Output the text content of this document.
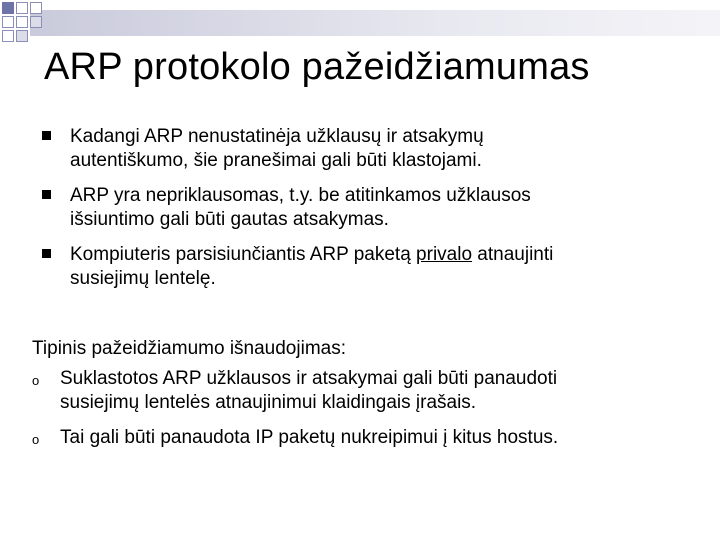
ARP protokolo pažeidžiamumas
Kadangi ARP nenustatinėja užklausų ir atsakymų
autentiškumo, šie pranešimai gali būti klastojami.
ARP yra nepriklausomas, t.y. be atitinkamos užklausos
išsiuntimo gali būti gautas atsakymas.
Kompiuteris parsisiunčiantis ARP paketą privalo atnaujinti
susiejimų lentelę.
Tipinis pažeidžiamumo išnaudojimas:
o Suklastotos ARP užklausos ir atsakymai gali būti panaudoti
susiejimų lentelės atnaujinimui klaidingais įrašais.
o Tai gali būti panaudota IP paketų nukreipimui į kitus hostus.
